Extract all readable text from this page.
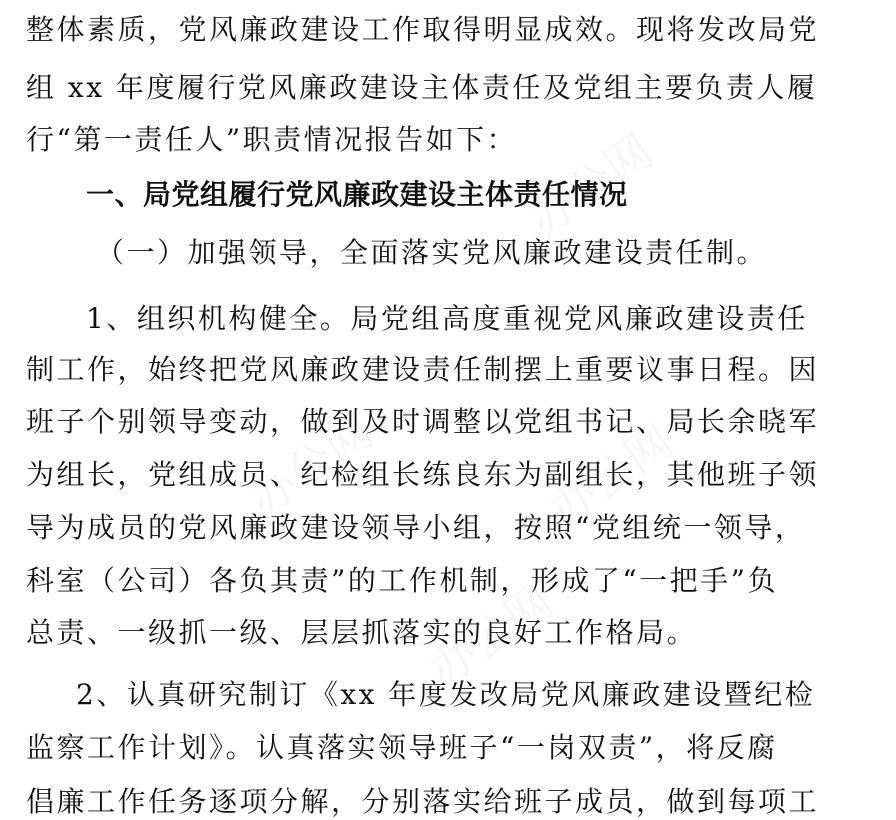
办公网
办公网	办公网
办公网
整体素质，党风廉政建设工作取得明显成效。现将发改局党
组 xx 年度履行党风廉政建设主体责任及党组主要负责人履
行“第一责任人”职责情况报告如下：
一、局党组履行党风廉政建设主体责任情况
（一）加强领导，全面落实党风廉政建设责任制。
1、组织机构健全。局党组高度重视党风廉政建设责任
制工作，始终把党风廉政建设责任制摆上重要议事日程。因
班子个别领导变动，做到及时调整以党组书记、局长余晓军
为组长，党组成员、纪检组长练良东为副组长，其他班子领
导为成员的党风廉政建设领导小组，按照“党组统一领导，
科室（公司）各负其责”的工作机制，形成了“一把手”负
总责、一级抓一级、层层抓落实的良好工作格局。
2、认真研究制订《xx 年度发改局党风廉政建设暨纪检
监察工作计划》。认真落实领导班子“一岗双责”，将反腐
倡廉工作任务逐项分解，分别落实给班子成员，做到每项工
